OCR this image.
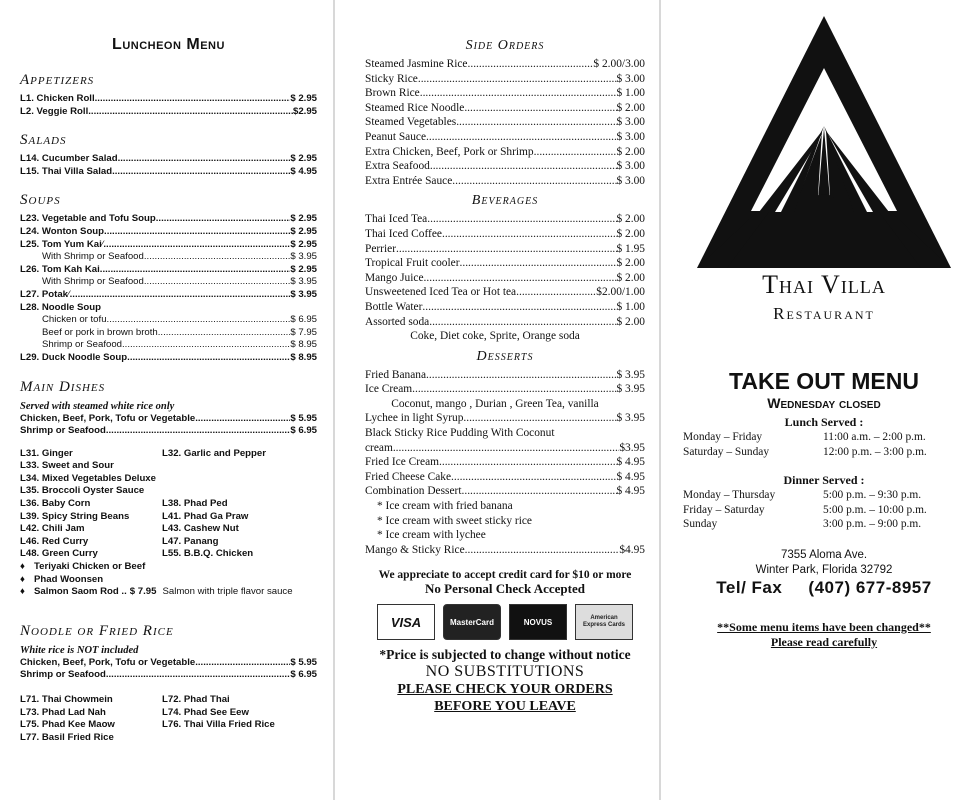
Luncheon Menu
Appetizers
L1. Chicken Roll .....	$ 2.95
L2. Veggie Roll .....	$2.95
Salads
L14. Cucumber Salad .....	$ 2.95
L15. Thai Villa Salad .....	$ 4.95
Soups
L23. Vegetable and Tofu Soup .....	$ 2.95
L24. Wonton Soup .....	$ 2.95
L25. Tom Yum Kai ⁄ .....	$ 2.95
With Shrimp or Seafood .....	$ 3.95
L26. Tom Kah Kai .....	$ 2.95
With Shrimp or Seafood .....	$ 3.95
L27. Potak ⁄ .....	$ 3.95
L28. Noodle Soup
Chicken or tofu .....	$ 6.95
Beef or pork in brown broth .....	$ 7.95
Shrimp or Seafood .....	$ 8.95
L29. Duck Noodle Soup .....	$ 8.95
Main Dishes
Served with steamed white rice only
Chicken, Beef, Pork, Tofu or Vegetable .....	$ 5.95
Shrimp or Seafood .....	$ 6.95
L31. Ginger	L32. Garlic and Pepper
L33. Sweet and Sour
L34. Mixed Vegetables Deluxe
L35. Broccoli Oyster Sauce
L36. Baby Corn	L38. Phad Ped
L39. Spicy String Beans	L41. Phad Ga Praw
L42. Chili Jam	L43. Cashew Nut
L46. Red Curry	L47. Panang
L48. Green Curry	L55. B.B.Q. Chicken
♦ Teriyaki Chicken or Beef
♦ Phad Woonsen
♦ Salmon Saom Rod .. $ 7.95 Salmon with triple flavor sauce
Noodle or Fried Rice
White rice is NOT included
Chicken, Beef, Pork, Tofu or Vegetable .....	$ 5.95
Shrimp or Seafood .....	$ 6.95
L71. Thai Chowmein	L72. Phad Thai
L73. Phad Lad Nah	L74. Phad See Eew
L75. Phad Kee Maow	L76. Thai Villa Fried Rice
L77. Basil Fried Rice
Side Orders
Steamed Jasmine Rice .....	$ 2.00/3.00
Sticky Rice .....	$ 3.00
Brown Rice .....	$ 1.00
Steamed Rice Noodle .....	$ 2.00
Steamed Vegetables .....	$ 3.00
Peanut Sauce .....	$ 3.00
Extra Chicken, Beef, Pork or Shrimp .....	$ 2.00
Extra Seafood .....	$ 3.00
Extra Entrée Sauce .....	$ 3.00
Beverages
Thai Iced Tea .....	$ 2.00
Thai Iced Coffee .....	$ 2.00
Perrier .....	$ 1.95
Tropical Fruit cooler .....	$ 2.00
Mango Juice .....	$ 2.00
Unsweetened Iced Tea or Hot tea .....	$2.00/1.00
Bottle Water .....	$ 1.00
Assorted soda .....	$ 2.00
Coke, Diet coke, Sprite, Orange soda
Desserts
Fried Banana .....	$ 3.95
Ice Cream .....	$ 3.95
Coconut, mango , Durian , Green Tea, vanilla
Lychee in light Syrup .....	$ 3.95
Black Sticky Rice Pudding With Coconut
cream .....	$3.95
Fried Ice Cream .....	$ 4.95
Fried Cheese Cake .....	$ 4.95
Combination Dessert .....	$ 4.95
* Ice cream with fried banana
* Ice cream with sweet sticky rice
* Ice cream with lychee
Mango & Sticky Rice .....	$4.95
We appreciate to accept credit card for $10 or more
No Personal Check Accepted
VISA	MasterCard	NOVUS	American Express Cards
*Price is subjected to change without notice
NO SUBSTITUTIONS
PLEASE CHECK YOUR ORDERS
BEFORE YOU LEAVE
Thai Villa
Restaurant
TAKE OUT MENU
Wednesday closed
Lunch Served :
Monday – Friday	11:00 a.m. – 2:00 p.m.
Saturday – Sunday	12:00 p.m. – 3:00 p.m.
Dinner Served :
Monday – Thursday	5:00 p.m. – 9:30 p.m.
Friday – Saturday	5:00 p.m. – 10:00 p.m.
Sunday	3:00 p.m. – 9:00 p.m.
7355 Aloma Ave.
Winter Park, Florida 32792
Tel/ Fax     (407) 677-8957
**Some menu items have been changed**
Please read carefully
